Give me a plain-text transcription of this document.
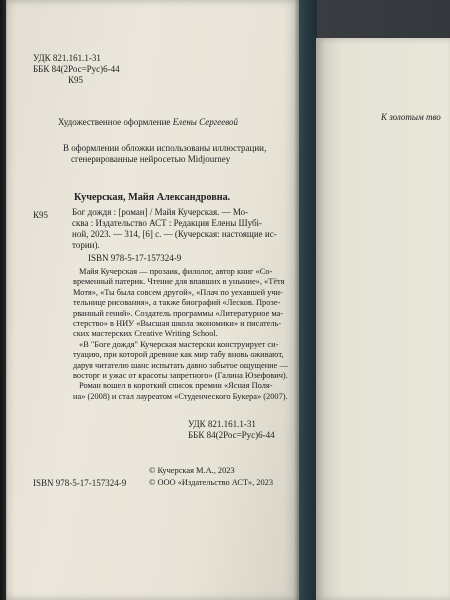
УДК 821.161.1-31
ББК 84(2Рос=Рус)6-44
К95
Художественное оформление Елены Сергеевой
В оформлении обложки использованы иллюстрации,
сгенерированные нейросетью Midjourney
Кучерская, Майя Александровна.
К95	Бог дождя : [роман] / Майя Кучерская. — Мо-
сква : Издательство АСТ : Редакция Елены Шубі-
ной, 2023. — 314, [6] с. — (Кучерская: настоящие ис-
тории).
ISBN 978-5-17-157324-9
Майя Кучерская — прозаик, филолог, автор книг «Со-
временный патерик. Чтение для впавших в уныние», «Тётя
Мотя», «Ты была совсем другой», «Плач по уехавшей учи-
тельнице рисования», а также биографий «Лесков. Прозе-
рванный гений». Создатель программы «Литературное ма-
стерство» в НИУ «Высшая школа экономики» и писатель-
ских мастерских Creative Writing School.
«В "Боге дождя" Кучерская мастерски конструирует си-
туацию, при которой древние как мир табу вновь оживают,
даруя читателю шанс испытать давно забытое ощущение —
восторг и ужас от красоты запретного» (Галина Юзефович).
Роман вошел в короткий список премии «Ясная Поля-
на» (2008) и стал лауреатом «Студенческого Букера» (2007).
УДК 821.161.1-31
ББК 84(2Рос=Рус)6-44
© Кучерская М.А., 2023
ISBN 978-5-17-157324-9	© ООО «Издательство АСТ», 2023
К золотым тво
